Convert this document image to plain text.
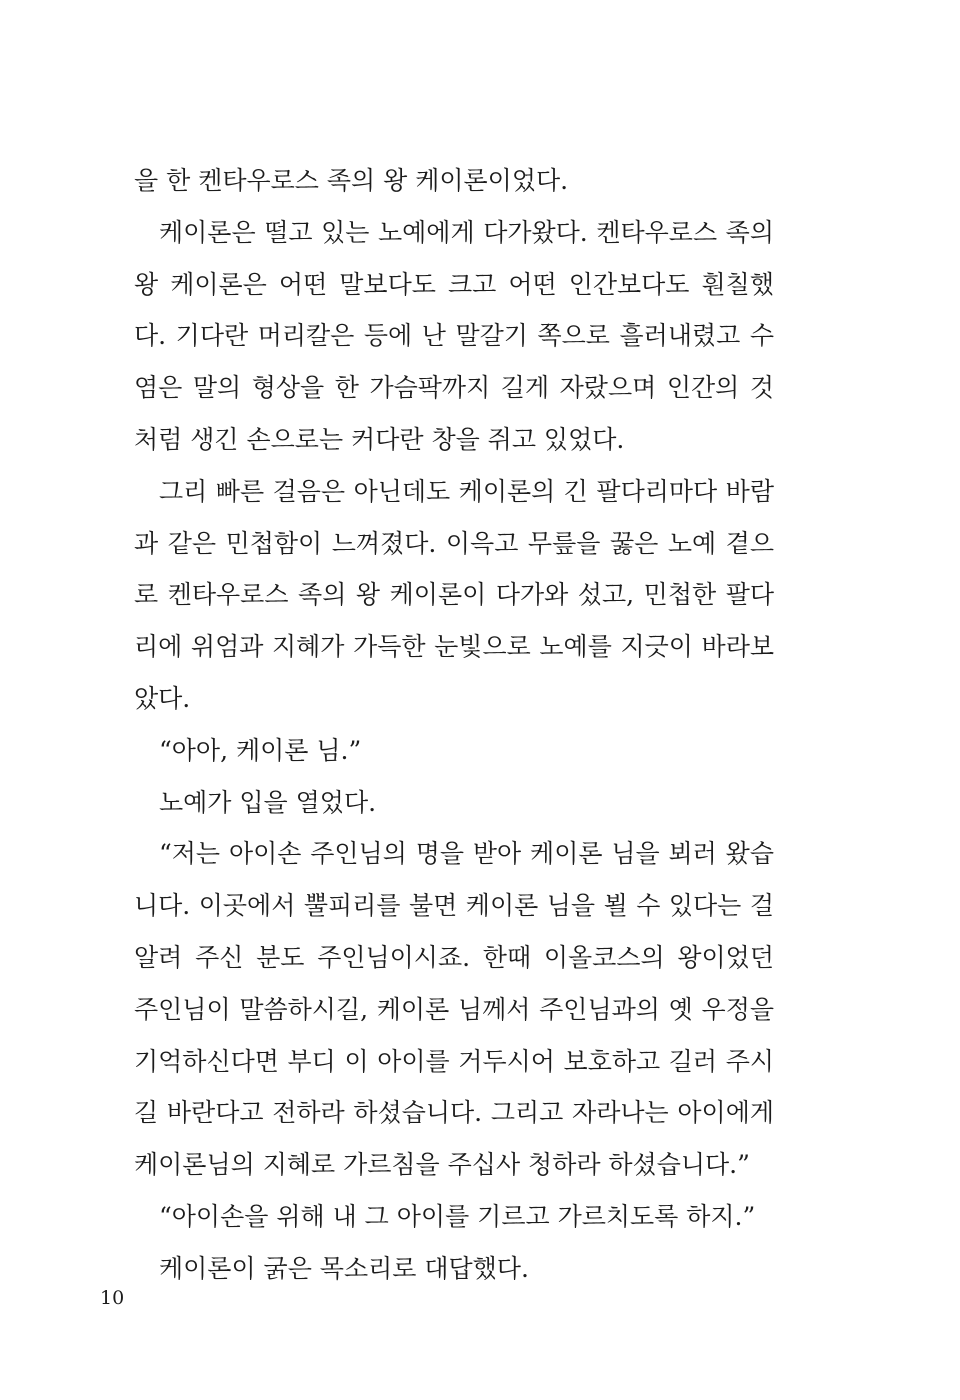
을 한 켄타우로스 족의 왕 케이론이었다.

케이론은 떨고 있는 노예에게 다가왔다. 켄타우로스 족의 왕 케이론은 어떤 말보다도 크고 어떤 인간보다도 훤칠했다. 기다란 머리칼은 등에 난 말갈기 쪽으로 흘러내렸고 수염은 말의 형상을 한 가슴팍까지 길게 자랐으며 인간의 것처럼 생긴 손으로는 커다란 창을 쥐고 있었다.

그리 빠른 걸음은 아닌데도 케이론의 긴 팔다리마다 바람과 같은 민첩함이 느껴졌다. 이윽고 무릎을 꿇은 노예 곁으로 켄타우로스 족의 왕 케이론이 다가와 섰고, 민첩한 팔다리에 위엄과 지혜가 가득한 눈빛으로 노예를 지긋이 바라보았다.

“아아, 케이론 님.”

노예가 입을 열었다.

“저는 아이손 주인님의 명을 받아 케이론 님을 뵈러 왔습니다. 이곳에서 뿔피리를 불면 케이론 님을 뵐 수 있다는 걸 알려 주신 분도 주인님이시죠. 한때 이올코스의 왕이었던 주인님이 말씀하시길, 케이론 님께서 주인님과의 옛 우정을 기억하신다면 부디 이 아이를 거두시어 보호하고 길러 주시길 바란다고 전하라 하셨습니다. 그리고 자라나는 아이에게 케이론님의 지혜로 가르침을 주십사 청하라 하셨습니다.”

“아이손을 위해 내 그 아이를 기르고 가르치도록 하지.”

케이론이 굵은 목소리로 대답했다.

10
